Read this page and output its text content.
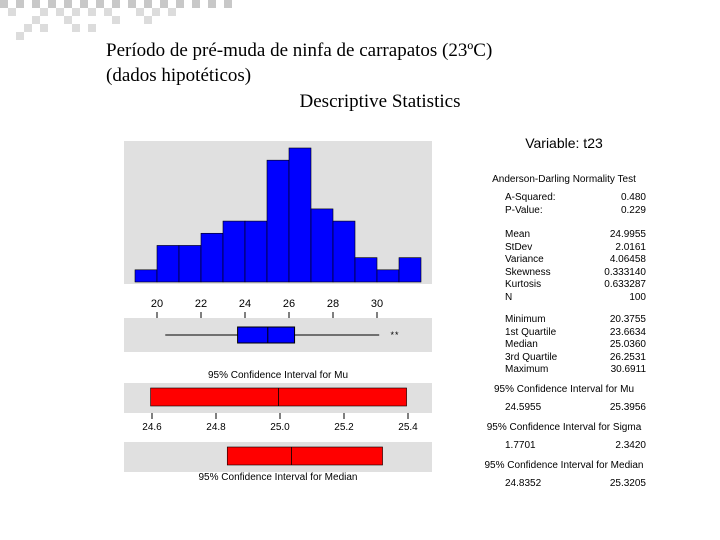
Período de pré-muda de ninfa de carrapatos (23ºC)
(dados hipotéticos)
Descriptive Statistics
20	22	24	26	28	30
* *
95% Confidence Interval for Mu
24.6	24.8	25.0	25.2	25.4
95% Confidence Interval for Median
Variable: t23
Anderson-Darling Normality Test
A-Squared:	0.480
P-Value:	0.229
Mean	24.9955
StDev	2.0161
Variance	4.06458
Skewness	0.333140
Kurtosis	0.633287
N	100
Minimum	20.3755
1st Quartile	23.6634
Median	25.0360
3rd Quartile	26.2531
Maximum	30.6911
95% Confidence Interval for Mu
24.5955	25.3956
95% Confidence Interval for Sigma
1.7701	2.3420
95% Confidence Interval for Median
24.8352	25.3205
